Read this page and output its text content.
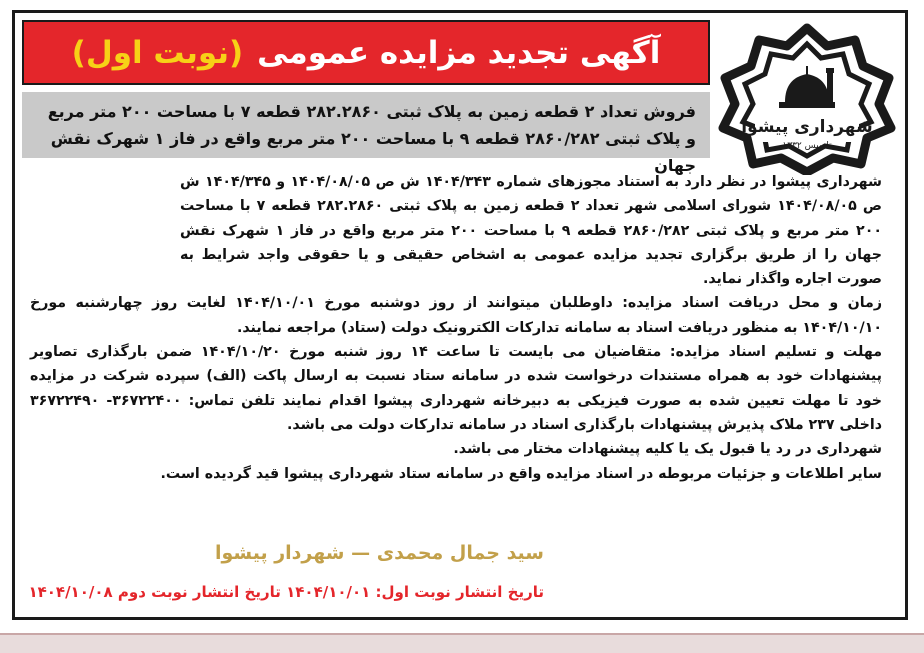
آگهی تجدید مزایده عمومی
(نوبت اول)
فروش تعداد ۲ قطعه زمین به پلاک ثبتی ۲۸۲.۲۸۶۰ قطعه ۷ با مساحت ۲۰۰ متر مربع و پلاک ثبتی ۲۸۶۰/۲۸۲ قطعه ۹ با مساحت ۲۰۰ متر مربع واقع در فاز ۱ شهرک نقش جهان
شهرداری پیشوا
تاسیس ۱۳۳۲

شهرداری پیشوا در نظر دارد به استناد مجوزهای شماره ۱۴۰۴/۳۴۳ ش ص ۱۴۰۴/۰۸/۰۵ و ۱۴۰۴/۳۴۵ ش ص ۱۴۰۴/۰۸/۰۵ شورای اسلامی شهر تعداد ۲ قطعه زمین به پلاک ثبتی ۲۸۲.۲۸۶۰ قطعه ۷ با مساحت ۲۰۰ متر مربع و پلاک ثبتی ۲۸۶۰/۲۸۲ قطعه ۹ با مساحت ۲۰۰ متر مربع واقع در فاز ۱ شهرک نقش جهان را از طریق برگزاری تجدید مزایده عمومی به اشخاص حقیقی و یا حقوقی واجد شرایط به صورت اجاره واگذار نماید.

زمان و محل دریافت اسناد مزایده: داوطلبان میتوانند از روز دوشنبه مورخ ۱۴۰۴/۱۰/۰۱ لغایت روز چهارشنبه مورخ ۱۴۰۴/۱۰/۱۰ به منظور دریافت اسناد به سامانه تدارکات الکترونیک دولت (ستاد) مراجعه نمایند.

مهلت و تسلیم اسناد مزایده: متقاضیان می بایست تا ساعت ۱۴ روز شنبه مورخ ۱۴۰۴/۱۰/۲۰ ضمن بارگذاری تصاویر پیشنهادات خود به همراه مستندات درخواست شده در سامانه ستاد نسبت به ارسال پاکت (الف) سپرده شرکت در مزایده خود تا مهلت تعیین شده به صورت فیزیکی به دبیرخانه شهرداری پیشوا اقدام نمایند تلفن تماس: ۳۶۷۲۲۴۰۰- ۳۶۷۲۲۴۹۰ داخلی ۲۳۷ ملاک پذیرش پیشنهادات بارگذاری اسناد در سامانه تدارکات دولت می باشد.

شهرداری در رد یا قبول یک یا کلیه پیشنهادات مختار می باشد.

سایر اطلاعات و جزئیات مربوطه در اسناد مزایده واقع در سامانه ستاد شهرداری پیشوا قید گردیده است.

سید جمال محمدی — شهردار پیشوا
تاریخ انتشار نوبت اول: ۱۴۰۴/۱۰/۰۱ تاریخ انتشار نوبت دوم ۱۴۰۴/۱۰/۰۸
